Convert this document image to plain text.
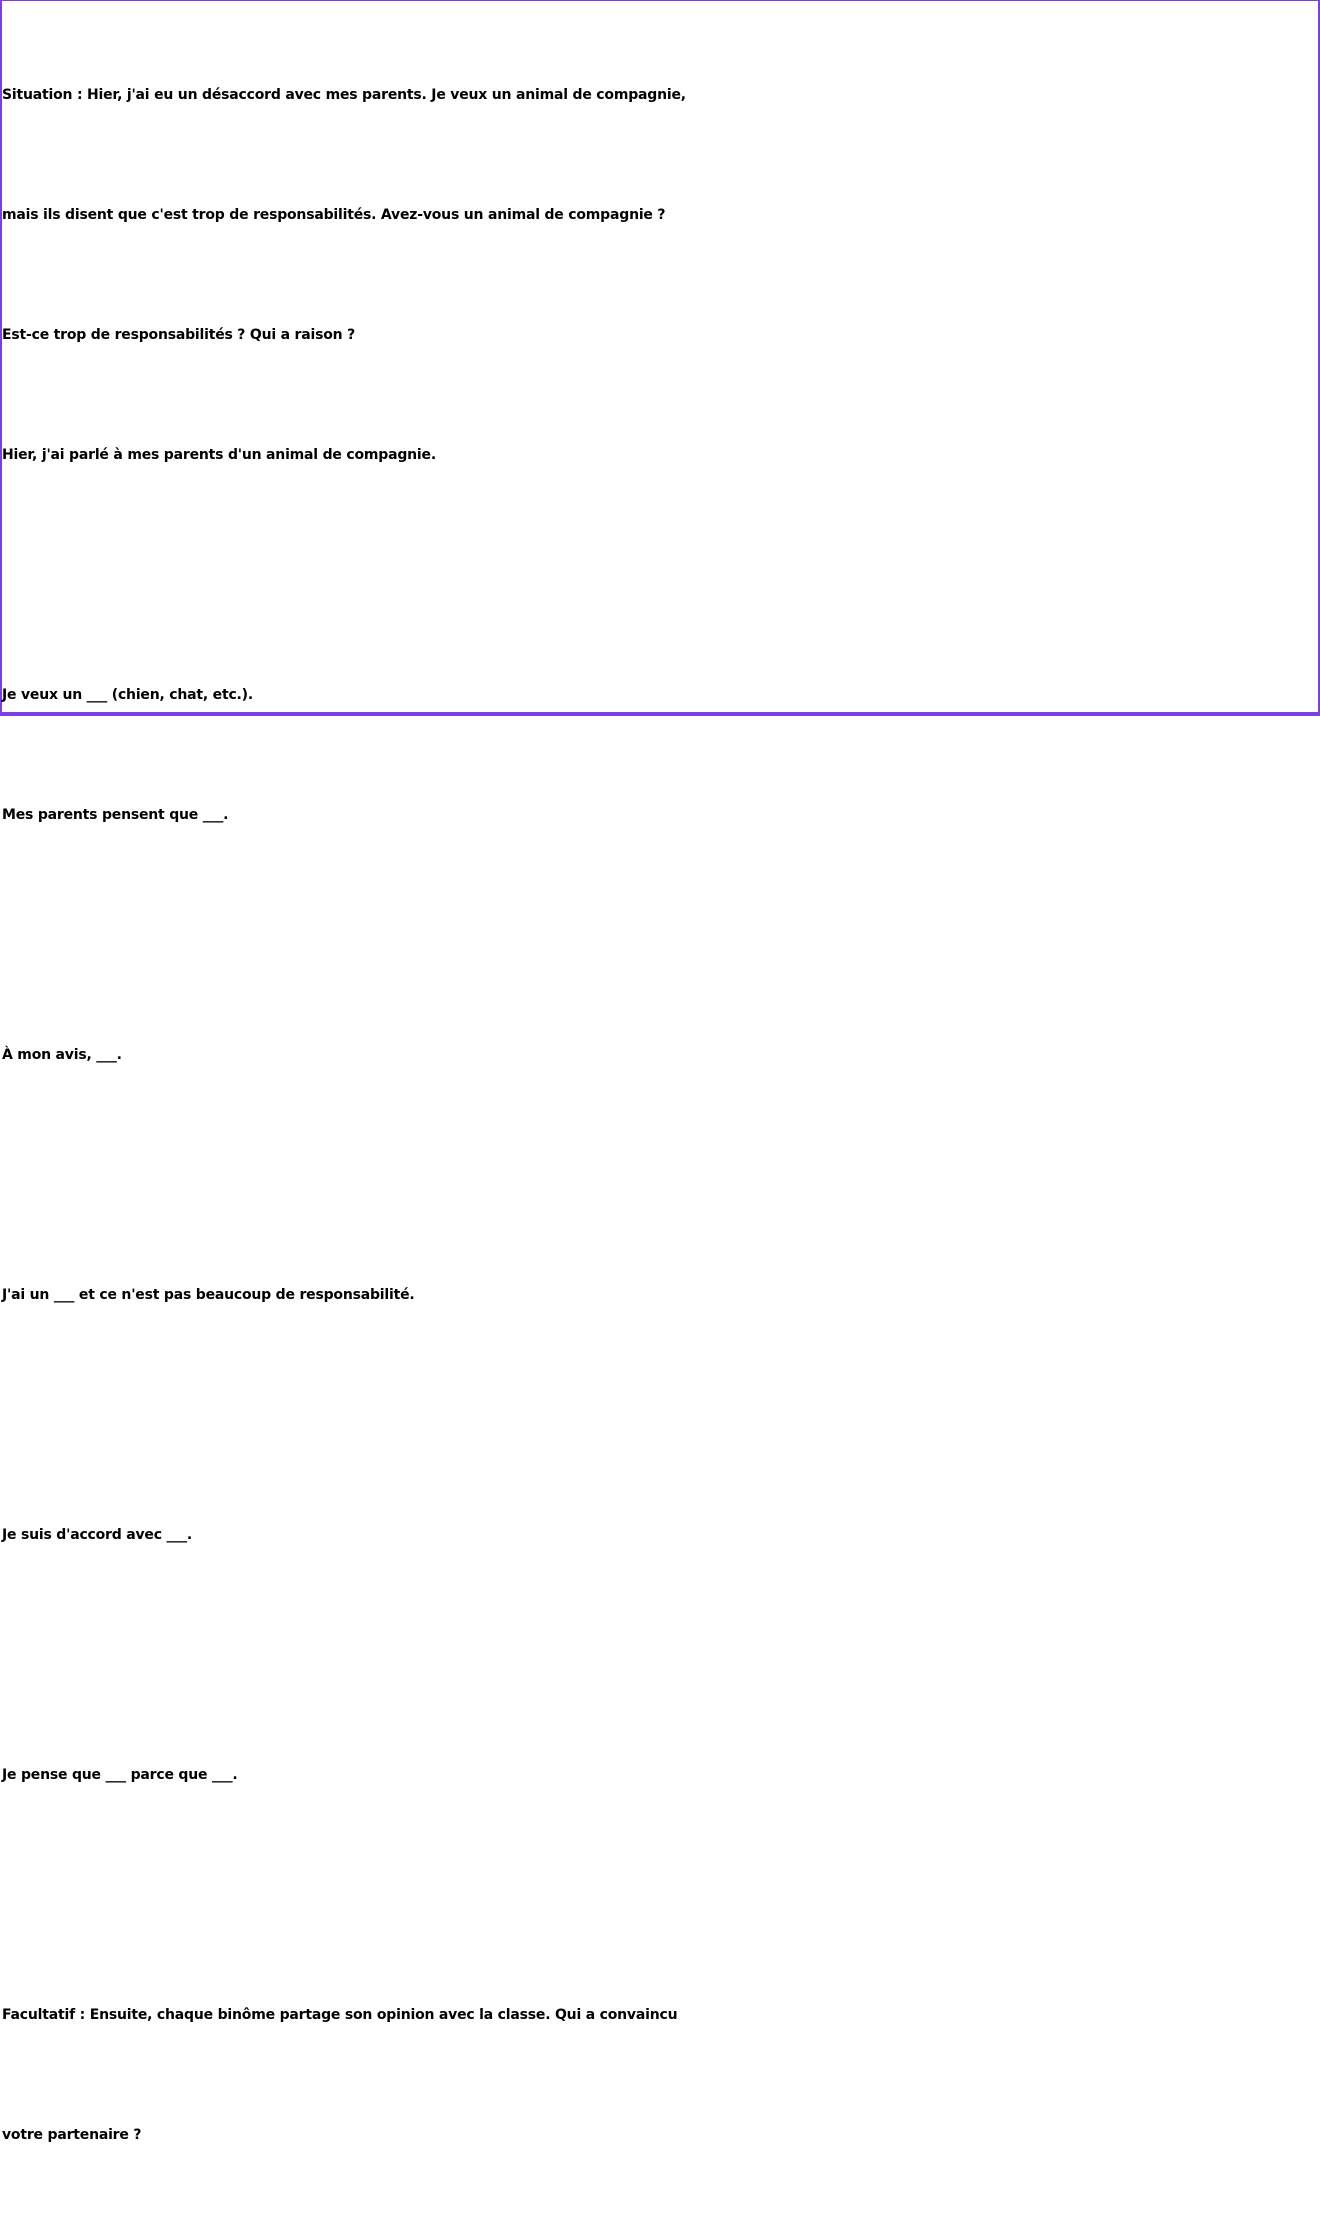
Situation : Hier, j'ai eu un désaccord avec mes parents. Je veux un animal de compagnie,

mais ils disent que c'est trop de responsabilités. Avez-vous un animal de compagnie ?

Est-ce trop de responsabilités ? Qui a raison ?

Hier, j'ai parlé à mes parents d'un animal de compagnie.

Je veux un ___ (chien, chat, etc.).

Mes parents pensent que ___.

À mon avis, ___.

J'ai un ___ et ce n'est pas beaucoup de responsabilité.

Je suis d'accord avec ___.

Je pense que ___ parce que ___.

Facultatif : Ensuite, chaque binôme partage son opinion avec la classe. Qui a convaincu

votre partenaire ?
